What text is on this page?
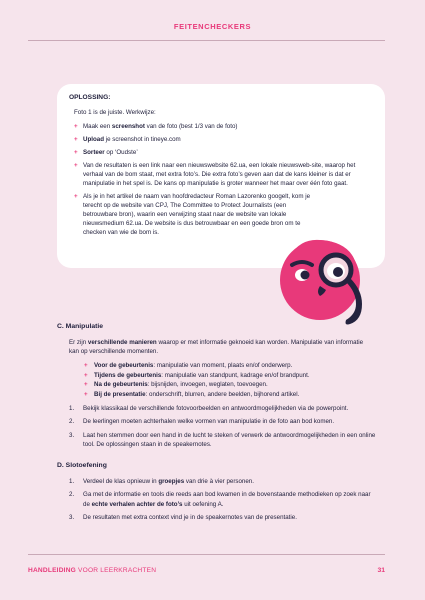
FEITENCHECKERS
OPLOSSING:
Foto 1 is de juiste. Werkwijze:
+ Maak een screenshot van de foto (best 1/3 van de foto)
+ Upload je screenshot in tineye.com
+ Sorteer op ‘Oudste’
+ Van de resultaten is een link naar een nieuwswebsite 62.ua, een lokale nieuwsweb-site, waarop het verhaal van de bom staat, met extra foto’s. Die extra foto’s geven aan dat de kans kleiner is dat er manipulatie in het spel is. De kans op manipulatie is groter wanneer het maar over één foto gaat.
+ Als je in het artikel de naam van hoofdredacteur Roman Lazorenko googelt, kom je terecht op de website van CPJ, The Committee to Protect Journalists (een betrouwbare bron), waarin een verwijzing staat naar de website van lokale nieuwsmedium 62.ua. De website is dus betrouwbaar en een goede bron om te checken van wie de bom is.
C. Manipulatie
Er zijn verschillende manieren waarop er met informatie geknoeid kan worden. Manipulatie van informatie kan op verschillende momenten.
+ Voor de gebeurtenis: manipulatie van moment, plaats en/of onderwerp.
+ Tijdens de gebeurtenis: manipulatie van standpunt, kadrage en/of brandpunt.
+ Na de gebeurtenis: bijsnijden, invoegen, weglaten, toevoegen.
+ Bij de presentatie: onderschrift, blurren, andere beelden, bijhorend artikel.
1. Bekijk klassikaal de verschillende fotovoorbeelden en antwoordmogelijkheden via de powerpoint.
2. De leerlingen moeten achterhalen welke vormen van manipulatie in de foto aan bod komen.
3. Laat hen stemmen door een hand in de lucht te steken of verwerk de antwoordmogelijkheden in een online tool. De oplossingen staan in de speakernotes.
D. Slotoefening
1. Verdeel de klas opnieuw in groepjes van drie à vier personen.
2. Ga met de informatie en tools die reeds aan bod kwamen in de bovenstaande methodieken op zoek naar de echte verhalen achter de foto’s uit oefening A.
3. De resultaten met extra context vind je in de speakernotes van de presentatie.
HANDLEIDING VOOR LEERKRACHTEN	31
